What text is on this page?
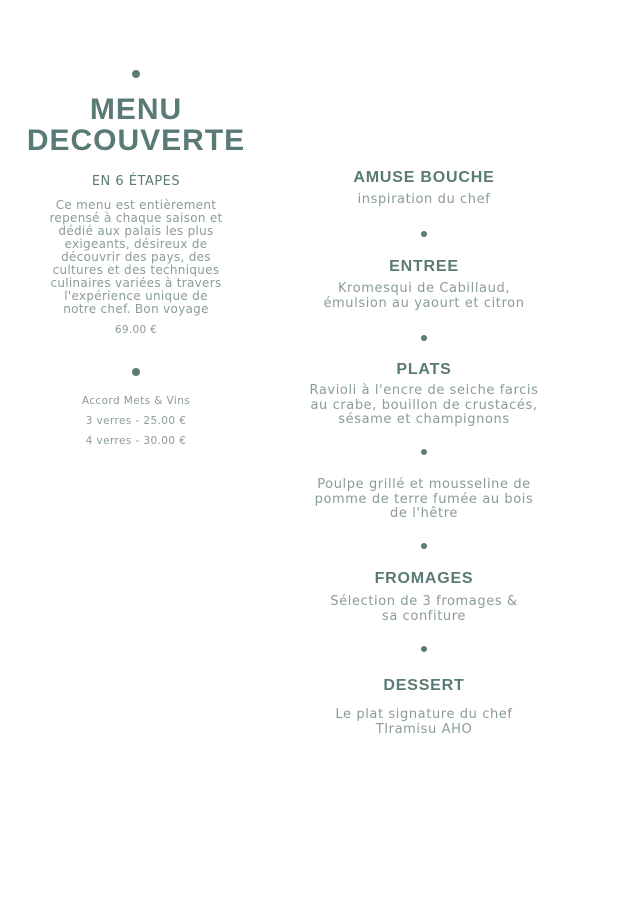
MENU
DECOUVERTE
EN 6 ÉTAPES
Ce menu est entièrement
repensé à chaque saison et
dédié aux palais les plus
exigeants, désireux de
découvrir des pays, des
cultures et des techniques
culinaires variées à travers
l'expérience unique de
notre chef. Bon voyage
69.00 €
Accord Mets & Vins
3 verres - 25.00 €
4 verres - 30.00 €
AMUSE BOUCHE
inspiration du chef
ENTREE
Kromesqui de Cabillaud,
émulsion au yaourt et citron
PLATS
Ravioli à l'encre de seiche farcis
au crabe, bouillon de crustacés,
sésame et champignons
Poulpe grillé et mousseline de
pomme de terre fumée au bois
de l'hêtre
FROMAGES
Sélection de 3 fromages &
sa confiture
DESSERT
Le plat signature du chef
TIramisu AHO
